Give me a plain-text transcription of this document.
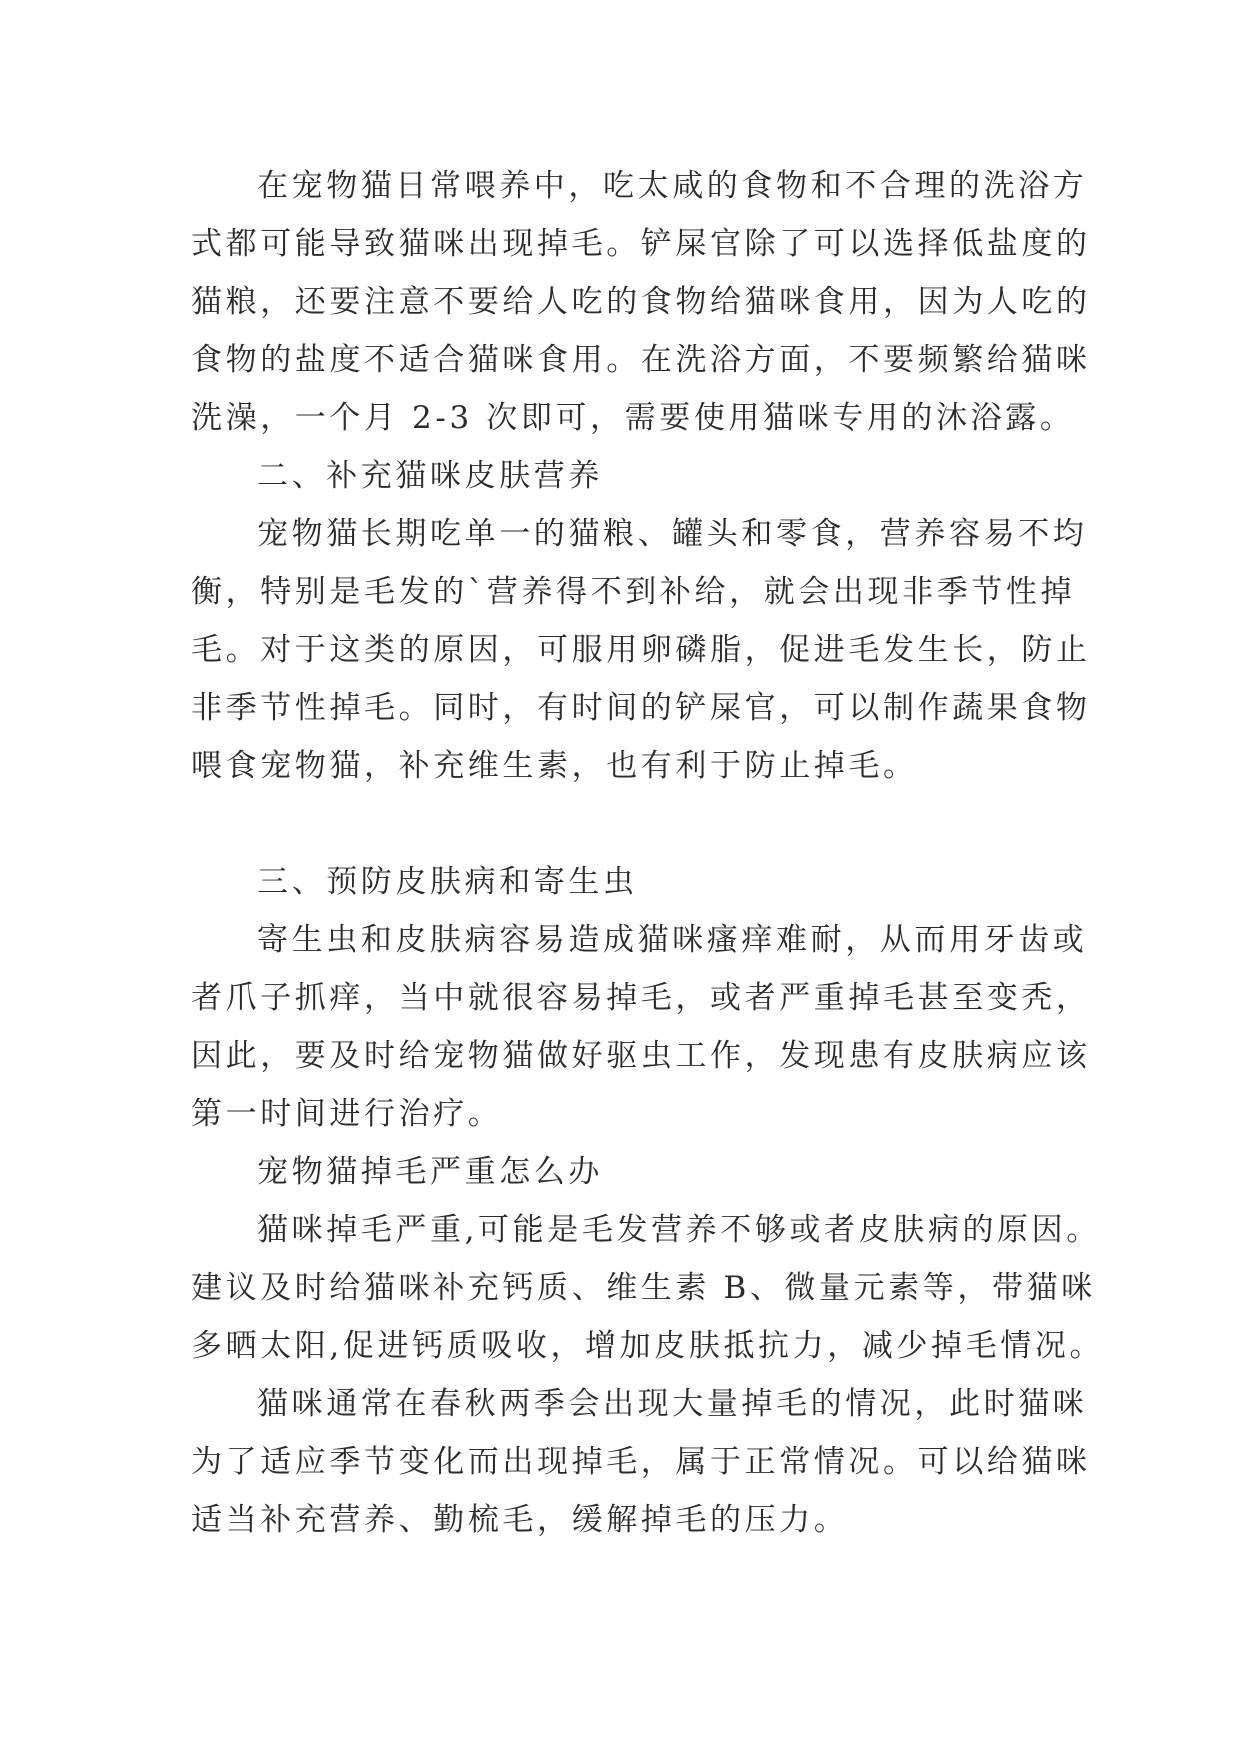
在宠物猫日常喂养中，吃太咸的食物和不合理的洗浴方
式都可能导致猫咪出现掉毛。铲屎官除了可以选择低盐度的
猫粮，还要注意不要给人吃的食物给猫咪食用，因为人吃的
食物的盐度不适合猫咪食用。在洗浴方面，不要频繁给猫咪
洗澡，一个月 2-3 次即可，需要使用猫咪专用的沐浴露。
二、补充猫咪皮肤营养
宠物猫长期吃单一的猫粮、罐头和零食，营养容易不均
衡，特别是毛发的`营养得不到补给，就会出现非季节性掉
毛。对于这类的原因，可服用卵磷脂，促进毛发生长，防止
非季节性掉毛。同时，有时间的铲屎官，可以制作蔬果食物
喂食宠物猫，补充维生素，也有利于防止掉毛。
三、预防皮肤病和寄生虫
寄生虫和皮肤病容易造成猫咪瘙痒难耐，从而用牙齿或
者爪子抓痒，当中就很容易掉毛，或者严重掉毛甚至变秃，
因此，要及时给宠物猫做好驱虫工作，发现患有皮肤病应该
第一时间进行治疗。
宠物猫掉毛严重怎么办
猫咪掉毛严重,可能是毛发营养不够或者皮肤病的原因。
建议及时给猫咪补充钙质、维生素 B、微量元素等，带猫咪
多晒太阳,促进钙质吸收，增加皮肤抵抗力，减少掉毛情况。
猫咪通常在春秋两季会出现大量掉毛的情况，此时猫咪
为了适应季节变化而出现掉毛，属于正常情况。可以给猫咪
适当补充营养、勤梳毛，缓解掉毛的压力。
